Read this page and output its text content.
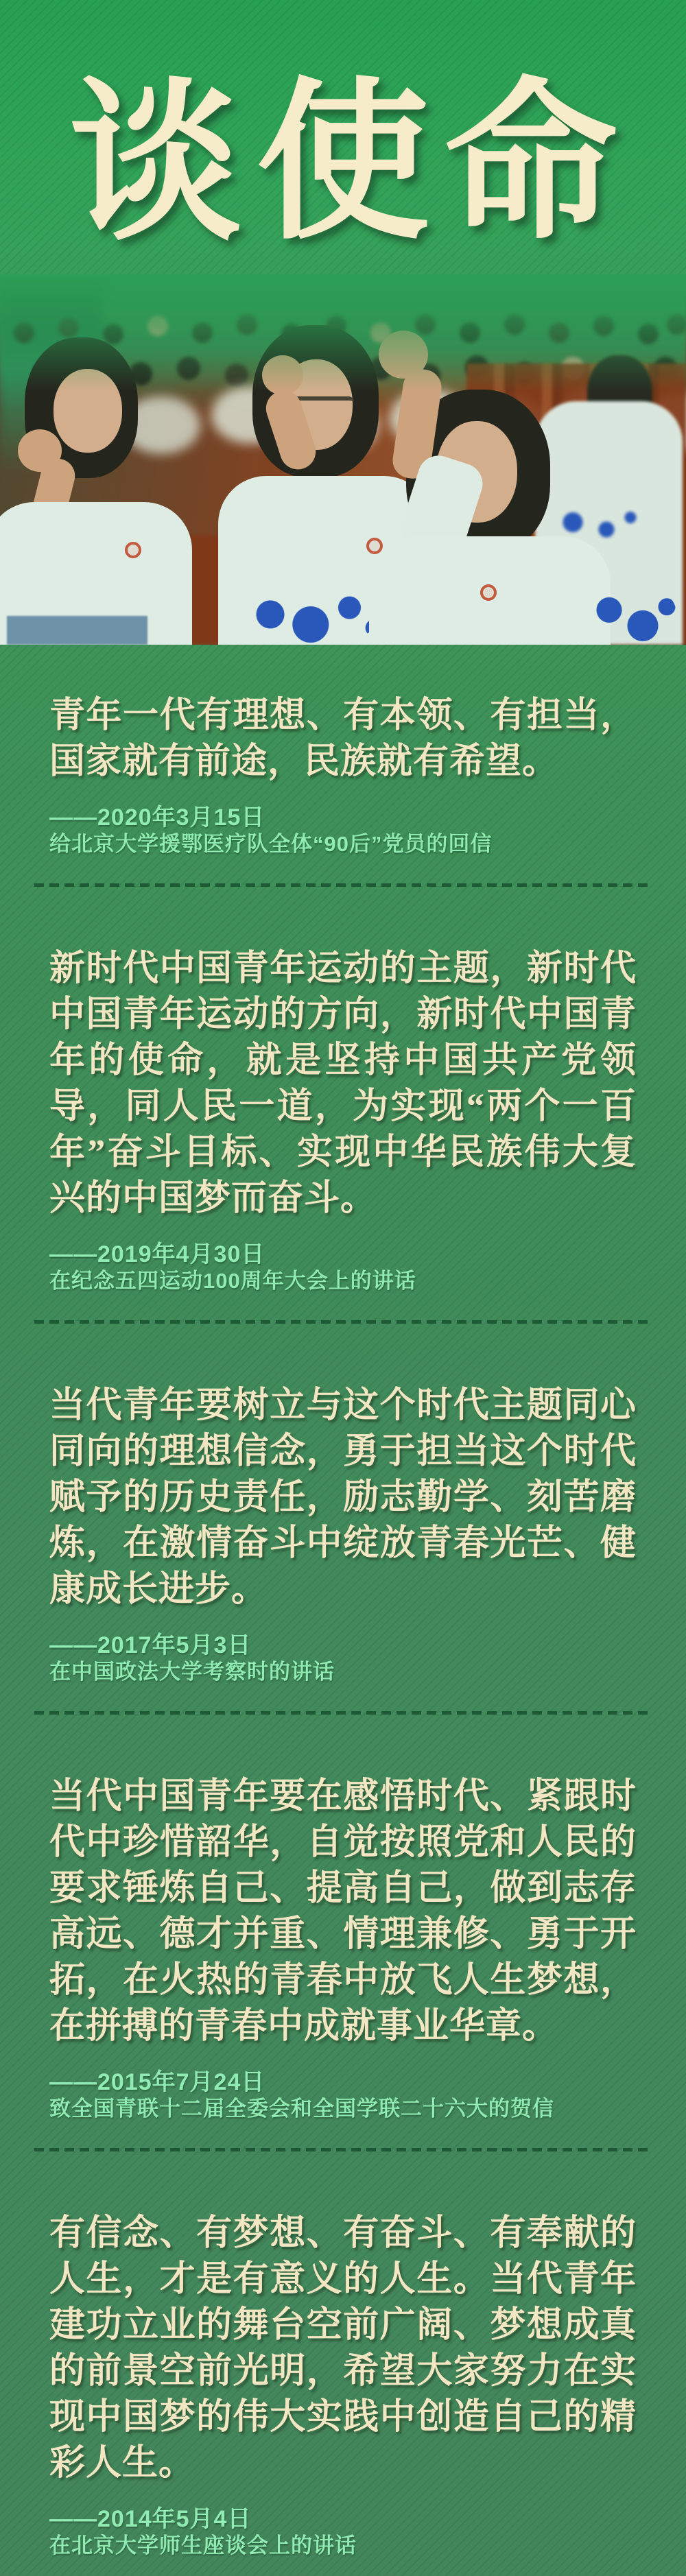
谈使命

青年一代有理想、有本领、有担当，国家就有前途，民族就有希望。

——2020年3月15日

给北京大学援鄂医疗队全体“90后”党员的回信

新时代中国青年运动的主题，新时代中国青年运动的方向，新时代中国青年的使命，就是坚持中国共产党领导，同人民一道，为实现“两个一百年”奋斗目标、实现中华民族伟大复兴的中国梦而奋斗。

——2019年4月30日

在纪念五四运动100周年大会上的讲话

当代青年要树立与这个时代主题同心同向的理想信念，勇于担当这个时代赋予的历史责任，励志勤学、刻苦磨炼，在激情奋斗中绽放青春光芒、健康成长进步。

——2017年5月3日

在中国政法大学考察时的讲话

当代中国青年要在感悟时代、紧跟时代中珍惜韶华，自觉按照党和人民的要求锤炼自己、提高自己，做到志存高远、德才并重、情理兼修、勇于开拓，在火热的青春中放飞人生梦想，在拼搏的青春中成就事业华章。

——2015年7月24日

致全国青联十二届全委会和全国学联二十六大的贺信

有信念、有梦想、有奋斗、有奉献的人生，才是有意义的人生。当代青年建功立业的舞台空前广阔、梦想成真的前景空前光明，希望大家努力在实现中国梦的伟大实践中创造自己的精彩人生。

——2014年5月4日

在北京大学师生座谈会上的讲话
